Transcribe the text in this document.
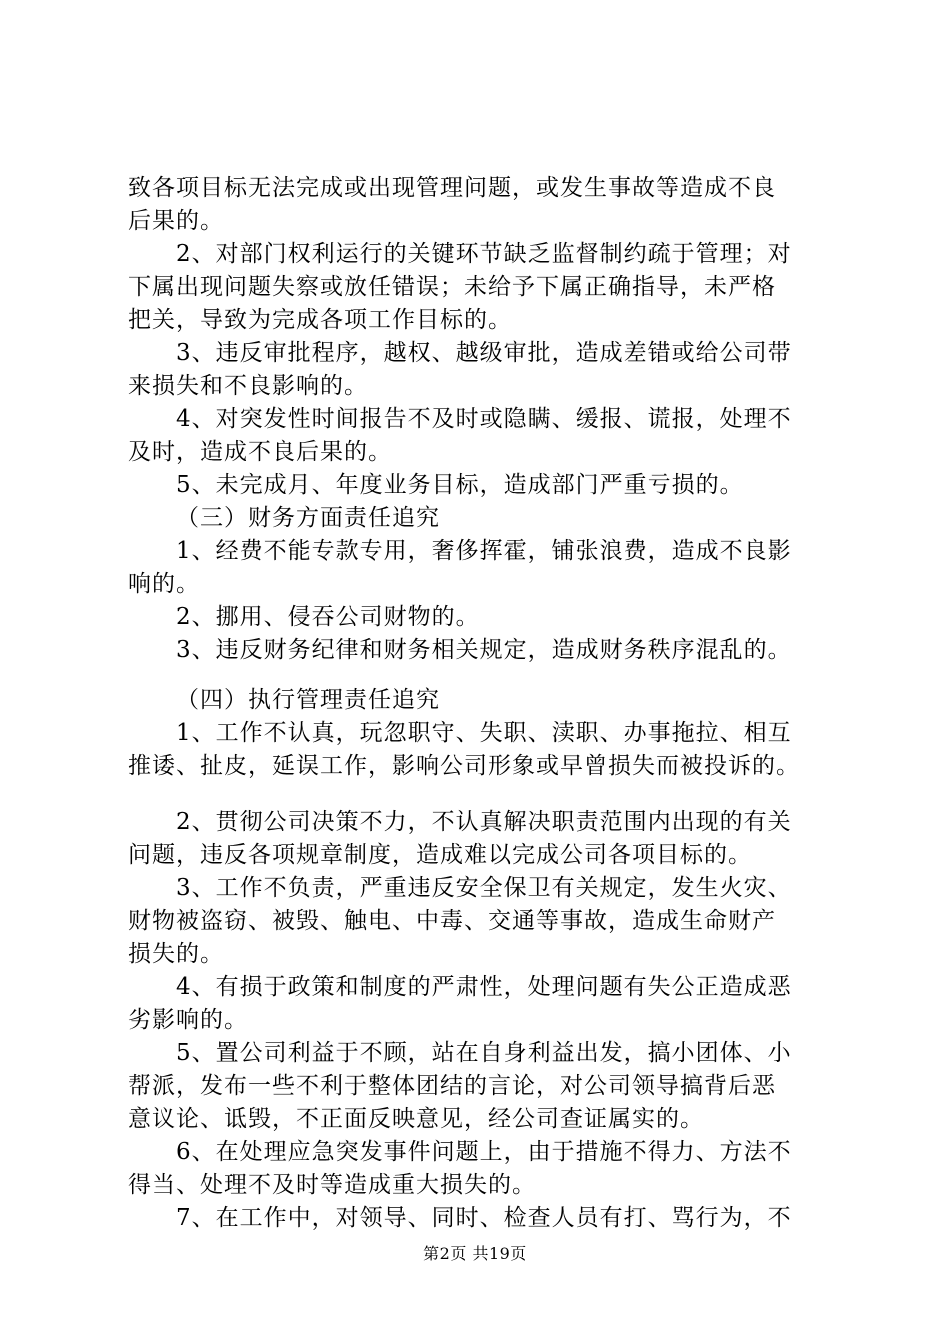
致各项目标无法完成或出现管理问题，或发生事故等造成不良
后果的。
2、对部门权利运行的关键环节缺乏监督制约疏于管理；对
下属出现问题失察或放任错误；未给予下属正确指导，未严格
把关，导致为完成各项工作目标的。
3、违反审批程序，越权、越级审批，造成差错或给公司带
来损失和不良影响的。
4、对突发性时间报告不及时或隐瞒、缓报、谎报，处理不
及时，造成不良后果的。
5、未完成月、年度业务目标，造成部门严重亏损的。
（三）财务方面责任追究
1、经费不能专款专用，奢侈挥霍，铺张浪费，造成不良影
响的。
2、挪用、侵吞公司财物的。
3、违反财务纪律和财务相关规定，造成财务秩序混乱的。
（四）执行管理责任追究
1、工作不认真，玩忽职守、失职、渎职、办事拖拉、相互
推诿、扯皮，延误工作，影响公司形象或早曾损失而被投诉的。
2、贯彻公司决策不力，不认真解决职责范围内出现的有关
问题，违反各项规章制度，造成难以完成公司各项目标的。
3、工作不负责，严重违反安全保卫有关规定，发生火灾、
财物被盗窃、被毁、触电、中毒、交通等事故，造成生命财产
损失的。
4、有损于政策和制度的严肃性，处理问题有失公正造成恶
劣影响的。
5、置公司利益于不顾，站在自身利益出发，搞小团体、小
帮派，发布一些不利于整体团结的言论，对公司领导搞背后恶
意议论、诋毁，不正面反映意见，经公司查证属实的。
6、在处理应急突发事件问题上，由于措施不得力、方法不
得当、处理不及时等造成重大损失的。
7、在工作中，对领导、同时、检查人员有打、骂行为，不
第2页 共19页
